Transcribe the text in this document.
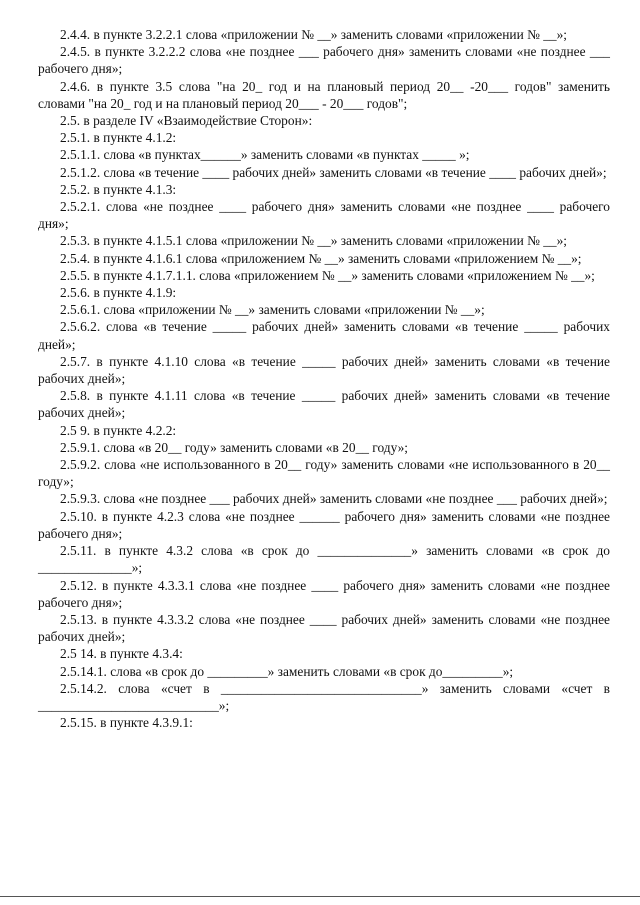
2.4.4. в пункте 3.2.2.1 слова «приложении № __» заменить словами «приложении № __»;

2.4.5. в пункте 3.2.2.2 слова «не позднее ___ рабочего дня» заменить словами «не позднее ___ рабочего дня»;

2.4.6. в пункте 3.5 слова "на 20_ год и на плановый период 20__ -20___ годов" заменить словами "на 20_ год и на плановый период 20___ - 20___ годов";

2.5. в разделе IV «Взаимодействие Сторон»:

2.5.1. в пункте 4.1.2:

2.5.1.1. слова «в пунктах______» заменить словами «в пунктах _____ »;

2.5.1.2. слова «в течение ____ рабочих дней» заменить словами «в течение ____ рабочих дней»;

2.5.2. в пункте 4.1.3:

2.5.2.1. слова «не позднее ____ рабочего дня» заменить словами «не позднее ____ рабочего дня»;

2.5.3. в пункте 4.1.5.1 слова «приложении № __» заменить словами «приложении № __»;

2.5.4. в пункте 4.1.6.1 слова «приложением № __» заменить словами «приложением № __»;

2.5.5. в пункте 4.1.7.1.1. слова «приложением № __» заменить словами «приложением № __»;

2.5.6. в пункте 4.1.9:

2.5.6.1. слова «приложении № __» заменить словами «приложении № __»;

2.5.6.2. слова «в течение _____ рабочих дней» заменить словами «в течение _____ рабочих дней»;

2.5.7. в пункте 4.1.10 слова «в течение _____ рабочих дней» заменить словами «в течение рабочих дней»;

2.5.8. в пункте 4.1.11 слова «в течение _____ рабочих дней» заменить словами «в течение рабочих дней»;

2.5 9. в пункте 4.2.2:

2.5.9.1. слова «в 20__ году» заменить словами «в 20__ году»;

2.5.9.2. слова «не использованного в 20__ году» заменить словами «не использованного в 20__ году»;

2.5.9.3. слова «не позднее ___ рабочих дней» заменить словами «не позднее ___ рабочих дней»;

2.5.10. в пункте 4.2.3 слова «не позднее ______ рабочего дня» заменить словами «не позднее рабочего дня»;

2.5.11. в пункте 4.3.2 слова «в срок до ______________» заменить словами «в срок до ______________»;

2.5.12. в пункте 4.3.3.1 слова «не позднее ____ рабочего дня» заменить словами «не позднее рабочего дня»;

2.5.13. в пункте 4.3.3.2 слова «не позднее ____ рабочих дней» заменить словами «не позднее рабочих дней»;

2.5 14. в пункте 4.3.4:

2.5.14.1. слова «в срок до _________» заменить словами «в срок до_________»;

2.5.14.2. слова «счет в ______________________________» заменить словами «счет в ___________________________»;

2.5.15. в пункте 4.3.9.1:
